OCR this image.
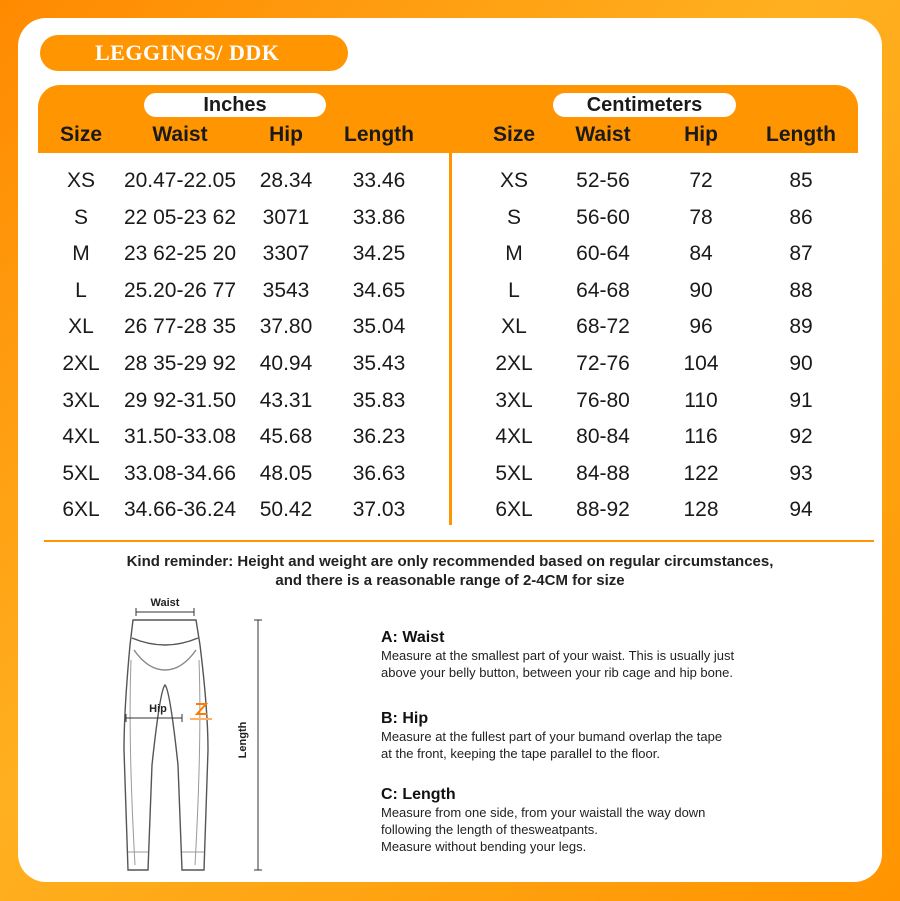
LEGGINGS/ DDK
Inches	Centimeters
Size	Waist	Hip	Length	Size	Waist	Hip	Length
XS	20.47-22.05	28.34	33.46	XS	52-56	72	85
S	22 05-23 62	3071	33.86	S	56-60	78	86
M	23 62-25 20	3307	34.25	M	60-64	84	87
L	25.20-26 77	3543	34.65	L	64-68	90	88
XL	26 77-28 35	37.80	35.04	XL	68-72	96	89
2XL	28 35-29 92	40.94	35.43	2XL	72-76	104	90
3XL	29 92-31.50	43.31	35.83	3XL	76-80	110	91
4XL	31.50-33.08	45.68	36.23	4XL	80-84	116	92
5XL	33.08-34.66	48.05	36.63	5XL	84-88	122	93
6XL	34.66-36.24	50.42	37.03	6XL	88-92	128	94
Kind reminder: Height and weight are only recommended based on regular circumstances,
and there is a reasonable range of 2-4CM for size
Waist
Hip
Length
A: Waist

Measure at the smallest part of your waist. This is usually just

above your belly button, between your rib cage and hip bone.

B: Hip

Measure at the fullest part of your bumand overlap the tape

at the front, keeping the tape parallel to the floor.

C: Length

Measure from one side, from your waistall the way down

following the length of thesweatpants.

Measure without bending your legs.
